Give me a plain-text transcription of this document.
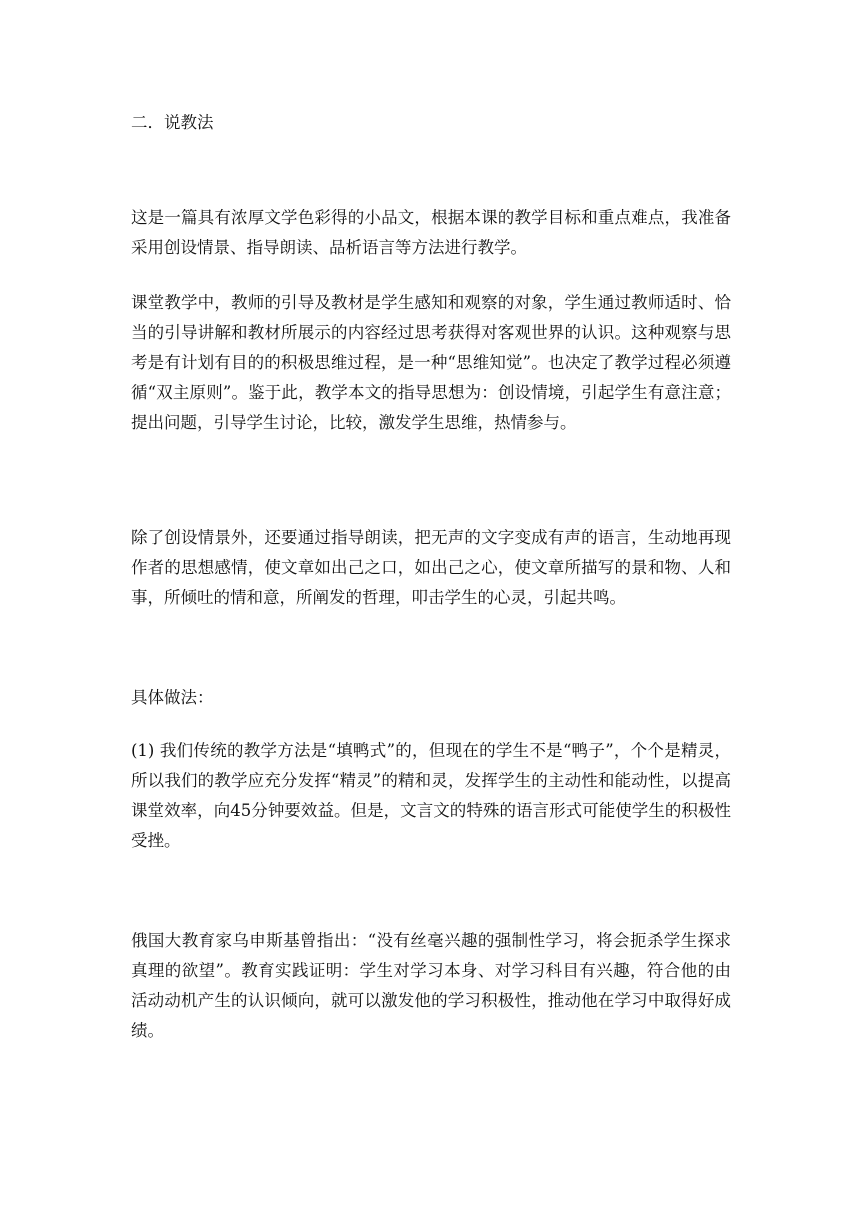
二．说教法
这是一篇具有浓厚文学色彩得的小品文，根据本课的教学目标和重点难点，我准备采用创设情景、指导朗读、品析语言等方法进行教学。
课堂教学中，教师的引导及教材是学生感知和观察的对象，学生通过教师适时、恰当的引导讲解和教材所展示的内容经过思考获得对客观世界的认识。这种观察与思考是有计划有目的的积极思维过程，是一种“思维知觉”。也决定了教学过程必须遵循“双主原则”。鉴于此，教学本文的指导思想为：创设情境，引起学生有意注意；提出问题，引导学生讨论，比较，激发学生思维，热情参与。
除了创设情景外，还要通过指导朗读，把无声的文字变成有声的语言，生动地再现作者的思想感情，使文章如出己之口，如出己之心，使文章所描写的景和物、人和事，所倾吐的情和意，所阐发的哲理，叩击学生的心灵，引起共鸣。
具体做法：
(1) 我们传统的教学方法是“填鸭式”的，但现在的学生不是“鸭子”，个个是精灵，所以我们的教学应充分发挥“精灵”的精和灵，发挥学生的主动性和能动性，以提高课堂效率，向45分钟要效益。但是，文言文的特殊的语言形式可能使学生的积极性受挫。
俄国大教育家乌申斯基曾指出：“没有丝毫兴趣的强制性学习，将会扼杀学生探求真理的欲望”。教育实践证明：学生对学习本身、对学习科目有兴趣，符合他的由活动动机产生的认识倾向，就可以激发他的学习积极性，推动他在学习中取得好成绩。
